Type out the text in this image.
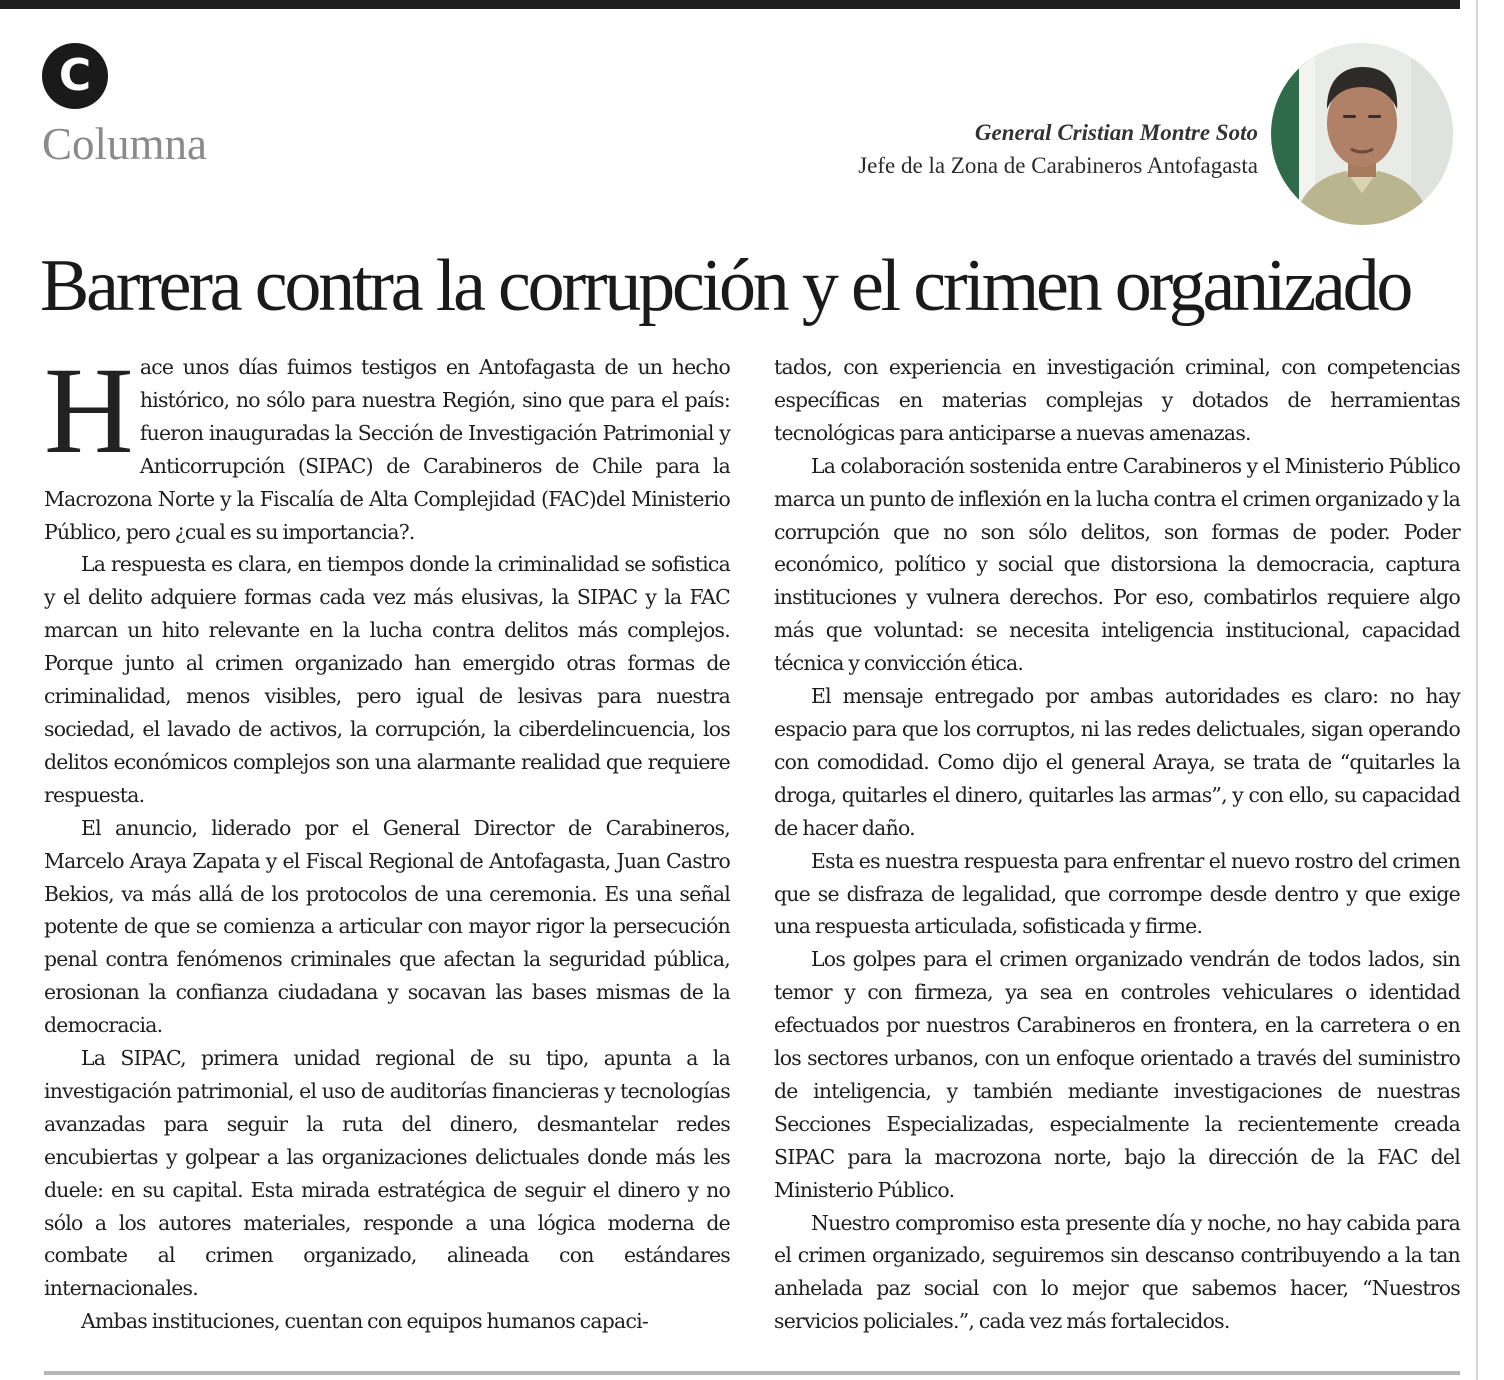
C
Columna	General Cristian Montre Soto
Jefe de la Zona de Carabineros Antofagasta
Barrera contra la corrupción y el crimen organizado

Hace unos días fuimos testigos en Antofagasta de un hecho histórico, no sólo para nuestra Región, sino que para el país: fueron inauguradas la Sección de Investigación Patrimonial y Anticorrupción (SIPAC) de Carabineros de Chile para la Macrozona Norte y la Fiscalía de Alta Complejidad (FAC)del Ministerio Público, pero ¿cual es su importancia?.

La respuesta es clara, en tiempos donde la criminalidad se sofistica y el delito adquiere formas cada vez más elusivas, la SIPAC y la FAC marcan un hito relevante en la lucha contra delitos más complejos. Porque junto al crimen organizado han emergido otras formas de criminalidad, menos visibles, pero igual de lesivas para nuestra sociedad, el lavado de activos, la corrupción, la ciberdelincuencia, los delitos económicos complejos son una alarmante realidad que requiere respuesta.

El anuncio, liderado por el General Director de Carabineros, Marcelo Araya Zapata y el Fiscal Regional de Antofagasta, Juan Castro Bekios, va más allá de los protocolos de una ceremonia. Es una señal potente de que se comienza a articular con mayor rigor la persecución penal contra fenómenos criminales que afectan la seguridad pública, erosionan la confianza ciudadana y socavan las bases mismas de la democracia.

La SIPAC, primera unidad regional de su tipo, apunta a la investigación patrimonial, el uso de auditorías financieras y tecnologías avanzadas para seguir la ruta del dinero, desmantelar redes encubiertas y golpear a las organizaciones delictuales donde más les duele: en su capital. Esta mirada estratégica de seguir el dinero y no sólo a los autores materiales, responde a una lógica moderna de combate al crimen organizado, alineada con estándares internacionales.

Ambas instituciones, cuentan con equipos humanos capaci-

tados, con experiencia en investigación criminal, con competencias específicas en materias complejas y dotados de herramientas tecnológicas para anticiparse a nuevas amenazas.

La colaboración sostenida entre Carabineros y el Ministerio Público marca un punto de inflexión en la lucha contra el crimen organizado y la corrupción que no son sólo delitos, son formas de poder. Poder económico, político y social que distorsiona la democracia, captura instituciones y vulnera derechos. Por eso, combatirlos requiere algo más que voluntad: se necesita inteligencia institucional, capacidad técnica y convicción ética.

El mensaje entregado por ambas autoridades es claro: no hay espacio para que los corruptos, ni las redes delictuales, sigan operando con comodidad. Como dijo el general Araya, se trata de “quitarles la droga, quitarles el dinero, quitarles las armas”, y con ello, su capacidad de hacer daño.

Esta es nuestra respuesta para enfrentar el nuevo rostro del crimen que se disfraza de legalidad, que corrompe desde dentro y que exige una respuesta articulada, sofisticada y firme.

Los golpes para el crimen organizado vendrán de todos lados, sin temor y con firmeza, ya sea en controles vehiculares o identidad efectuados por nuestros Carabineros en frontera, en la carretera o en los sectores urbanos, con un enfoque orientado a través del suministro de inteligencia, y también mediante investigaciones de nuestras Secciones Especializadas, especialmente la recientemente creada SIPAC para la macrozona norte, bajo la dirección de la FAC del Ministerio Público.

Nuestro compromiso esta presente día y noche, no hay cabida para el crimen organizado, seguiremos sin descanso contribuyendo a la tan anhelada paz social con lo mejor que sabemos hacer, “Nuestros servicios policiales.”, cada vez más fortalecidos.
